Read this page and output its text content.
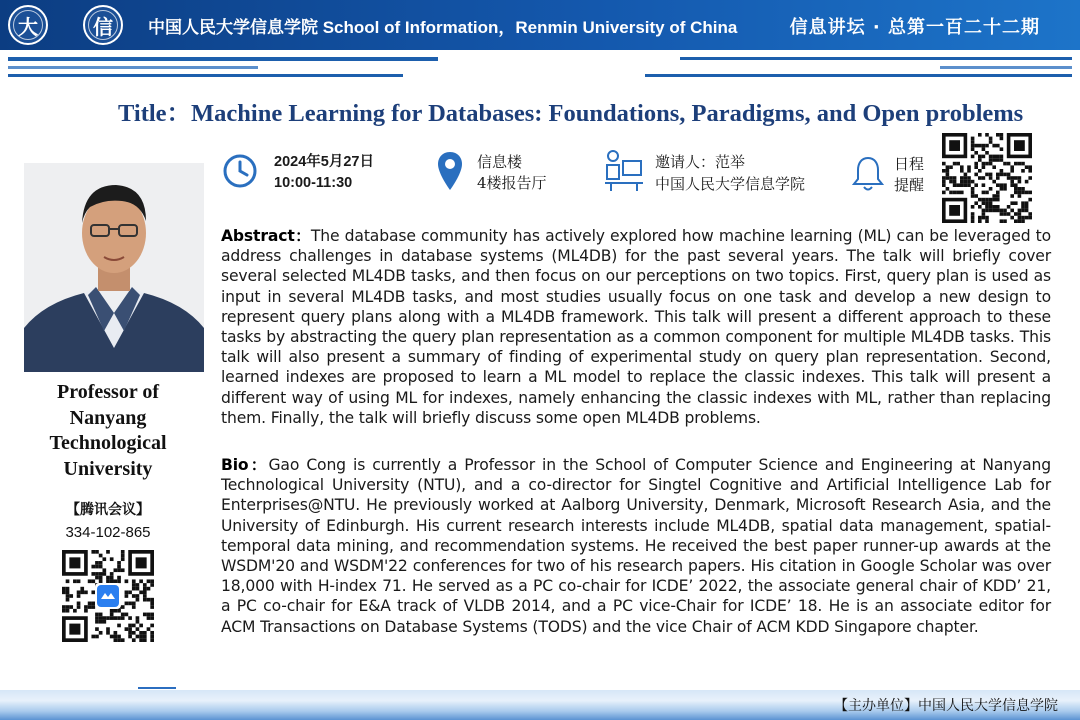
大	信	中国人民大学信息学院 School of Information，Renmin University of China	信息讲坛 · 总第一百二十二期
Title：Machine Learning for Databases: Foundations, Paradigms, and Open problems
Professor of Nanyang Technological University
【腾讯会议】
334-102-865
2024年5月27日
10:00-11:30
信息楼
4楼报告厅
邀请人：范举
中国人民大学信息学院
日程
提醒
Abstract：The database community has actively explored how machine learning (ML) can be leveraged to address challenges in database systems (ML4DB) for the past several years. The talk will briefly cover several selected ML4DB tasks, and then focus on our perceptions on two topics. First, query plan is used as input in several ML4DB tasks, and most studies usually focus on one task and develop a new design to represent query plans along with a ML4DB framework. This talk will present a different approach to these tasks by abstracting the query plan representation as a common component for multiple ML4DB tasks. This talk will also present a summary of finding of experimental study on query plan representation. Second, learned indexes are proposed to learn a ML model to replace the classic indexes. This talk will present a different way of using ML for indexes, namely enhancing the classic indexes with ML, rather than replacing them. Finally, the talk will briefly discuss some open ML4DB problems.
Bio：Gao Cong is currently a Professor in the School of Computer Science and Engineering at Nanyang Technological University (NTU), and a co-director for Singtel Cognitive and Artificial Intelligence Lab for Enterprises@NTU. He previously worked at Aalborg University, Denmark, Microsoft Research Asia, and the University of Edinburgh. His current research interests include ML4DB, spatial data management, spatial-temporal data mining, and recommendation systems. He received the best paper runner-up awards at the WSDM'20 and WSDM'22 conferences for two of his research papers. His citation in Google Scholar was over 18,000 with H-index 71. He served as a PC co-chair for ICDE’ 2022, the associate general chair of KDD’ 21, a PC co-chair for E&A track of VLDB 2014, and a PC vice-Chair for ICDE’ 18. He is an associate editor for ACM Transactions on Database Systems (TODS) and the vice Chair of ACM KDD Singapore chapter.
【主办单位】中国人民大学信息学院
